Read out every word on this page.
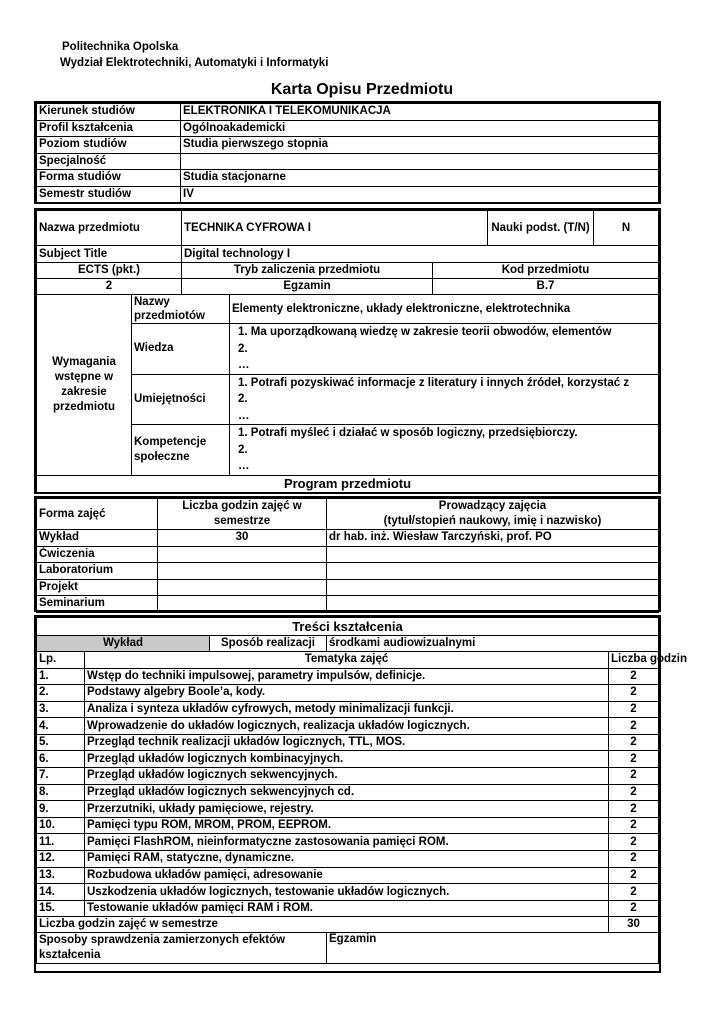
Politechnika Opolska
Wydział Elektrotechniki, Automatyki i Informatyki
Karta Opisu Przedmiotu
Kierunek studiów	ELEKTRONIKA I TELEKOMUNIKACJA
Profil kształcenia	Ogólnoakademicki
Poziom studiów	Studia pierwszego stopnia
Specjalność	
Forma studiów	Studia stacjonarne
Semestr studiów	IV
Nazwa przedmiotu		TECHNIKA CYFROWA I			Nauki podst. (T/N)	N
Subject Title		Digital technology I				
ECTS (pkt.)		Tryb zaliczenia przedmiotu		Kod przedmiotu		
2		Egzamin		B.7		
Wymagania wstępne w zakresie przedmiotu	Nazwy przedmiotów		Elementy elektroniczne, układy elektroniczne, elektrotechnika			
	Wiedza		1. Ma uporządkowaną wiedzę w zakresie teorii obwodów, elementów
2.
…			

	Umiejętności		1. Potrafi pozyskiwać informacje z literatury i innych źródeł, korzystać z
2.
…			

	Kompetencje społeczne		1. Potrafi myśleć i działać w sposób logiczny, przedsiębiorczy.
2.
…			

Program przedmiotu						
Forma zajęć	Liczba godzin zajęć w semestrze	Prowadzący zajęcia
(tytuł/stopień naukowy, imię i nazwisko)

Wykład	30	dr hab. inż. Wiesław Tarczyński, prof. PO
Ćwiczenia		
Laboratorium		
Projekt		
Seminarium		
Treści kształcenia				
Wykład		Sposób realizacji	środkami audiowizualnymi	
Lp.	Tematyka zajęć			Liczba godzin
1.	Wstęp do techniki impulsowej, parametry impulsów, definicje.			2
2.	Podstawy algebry Boole’a, kody.			2
3.	Analiza i synteza układów cyfrowych, metody minimalizacji funkcji.			2
4.	Wprowadzenie do układów logicznych, realizacja układów logicznych.			2
5.	Przegląd technik realizacji układów logicznych, TTL, MOS.			2
6.	Przegląd układów logicznych kombinacyjnych.			2
7.	Przegląd układów logicznych sekwencyjnych.			2
8.	Przegląd układów logicznych sekwencyjnych cd.			2
9.	Przerzutniki, układy pamięciowe, rejestry.			2
10.	Pamięci typu ROM, MROM, PROM, EEPROM.			2
11.	Pamięci FlashROM, nieinformatyczne zastosowania pamięci ROM.			2
12.	Pamięci RAM, statyczne, dynamiczne.			2
13.	Rozbudowa układów pamięci, adresowanie			2
14.	Uszkodzenia układów logicznych, testowanie układów logicznych.			2
15.	Testowanie układów pamięci RAM i ROM.			2
Liczba godzin zajęć w semestrze				30
Sposoby sprawdzenia zamierzonych efektów kształcenia			Egzamin	
